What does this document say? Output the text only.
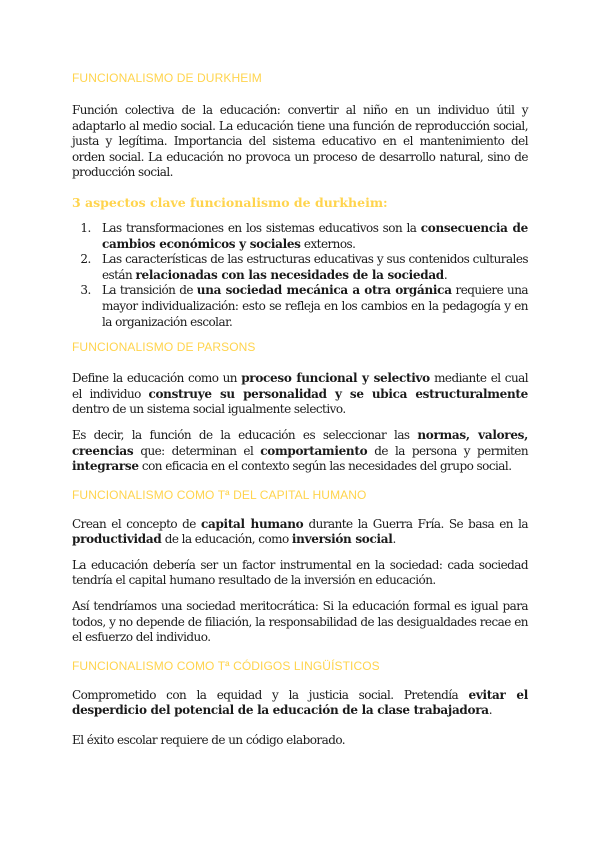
FUNCIONALISMO DE DURKHEIM

Función colectiva de la educación: convertir al niño en un individuo útil y adaptarlo al medio social. La educación tiene una función de reproducción social, justa y legítima. Importancia del sistema educativo en el mantenimiento del orden social. La educación no provoca un proceso de desarrollo natural, sino de producción social.

3 aspectos clave funcionalismo de durkheim:
1. Las transformaciones en los sistemas educativos son la consecuencia de cambios económicos y sociales externos.
2. Las características de las estructuras educativas y sus contenidos culturales están relacionadas con las necesidades de la sociedad.
3. La transición de una sociedad mecánica a otra orgánica requiere una mayor individualización: esto se refleja en los cambios en la pedagogía y en la organización escolar.
FUNCIONALISMO DE PARSONS

Define la educación como un proceso funcional y selectivo mediante el cual el individuo construye su personalidad y se ubica estructuralmente dentro de un sistema social igualmente selectivo.

Es decir, la función de la educación es seleccionar las normas, valores, creencias que: determinan el comportamiento de la persona y permiten integrarse con eficacia en el contexto según las necesidades del grupo social.

FUNCIONALISMO COMO Tª DEL CAPITAL HUMANO

Crean el concepto de capital humano durante la Guerra Fría. Se basa en la productividad de la educación, como inversión social.

La educación debería ser un factor instrumental en la sociedad: cada sociedad tendría el capital humano resultado de la inversión en educación.

Así tendríamos una sociedad meritocrática: Si la educación formal es igual para todos, y no depende de filiación, la responsabilidad de las desigualdades recae en el esfuerzo del individuo.

FUNCIONALISMO COMO Tª CÓDIGOS LINGÜÍSTICOS

Comprometido con la equidad y la justicia social. Pretendía evitar el desperdicio del potencial de la educación de la clase trabajadora.

El éxito escolar requiere de un código elaborado.
